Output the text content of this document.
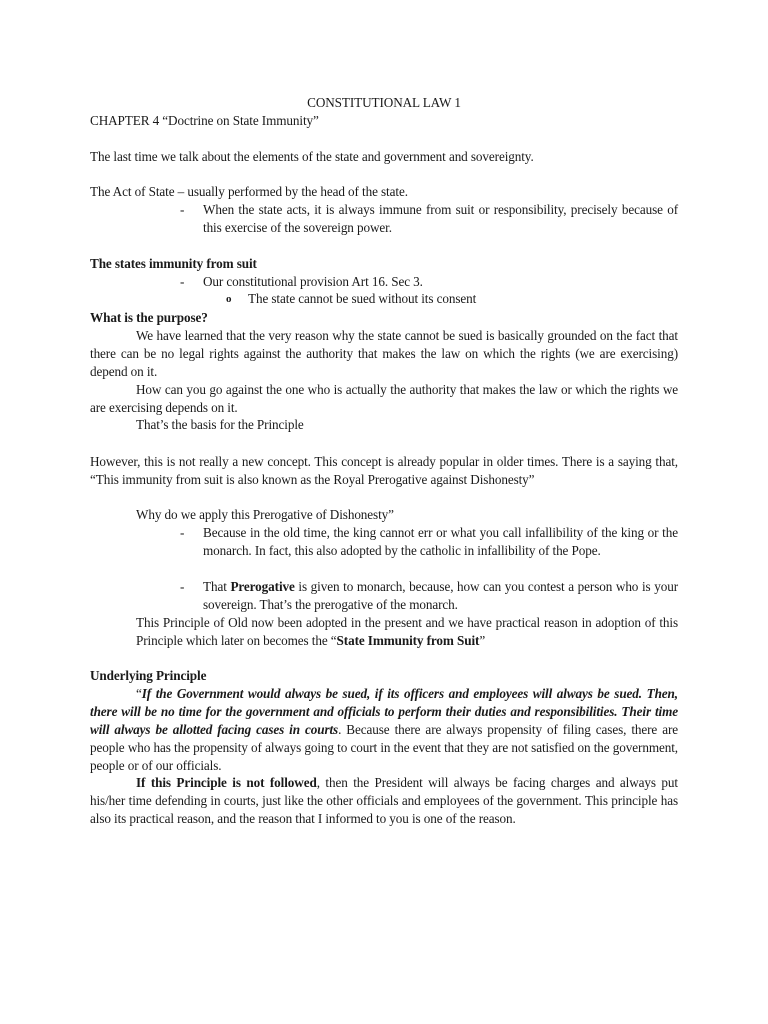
CONSTITUTIONAL LAW 1

CHAPTER 4 “Doctrine on State Immunity”

The last time we talk about the elements of the state and government and sovereignty.

The Act of State – usually performed by the head of the state.

- When the state acts, it is always immune from suit or responsibility, precisely because of this exercise of the sovereign power.

The states immunity from suit

- Our constitutional provision Art 16. Sec 3.
o The state cannot be sued without its consent

What is the purpose?

We have learned that the very reason why the state cannot be sued is basically grounded on the fact that there can be no legal rights against the authority that makes the law on which the rights (we are exercising) depend on it.

How can you go against the one who is actually the authority that makes the law or which the rights we are exercising depends on it.

That’s the basis for the Principle

However, this is not really a new concept. This concept is already popular in older times. There is a saying that, “This immunity from suit is also known as the Royal Prerogative against Dishonesty”

Why do we apply this Prerogative of Dishonesty”

- Because in the old time, the king cannot err or what you call infallibility of the king or the monarch. In fact, this also adopted by the catholic in infallibility of the Pope.
- That Prerogative is given to monarch, because, how can you contest a person who is your sovereign. That’s the prerogative of the monarch.

This Principle of Old now been adopted in the present and we have practical reason in adoption of this Principle which later on becomes the “State Immunity from Suit”

Underlying Principle

“If the Government would always be sued, if its officers and employees will always be sued. Then, there will be no time for the government and officials to perform their duties and responsibilities. Their time will always be allotted facing cases in courts. Because there are always propensity of filing cases, there are people who has the propensity of always going to court in the event that they are not satisfied on the government, people or of our officials.

If this Principle is not followed, then the President will always be facing charges and always put his/her time defending in courts, just like the other officials and employees of the government. This principle has also its practical reason, and the reason that I informed to you is one of the reason.
